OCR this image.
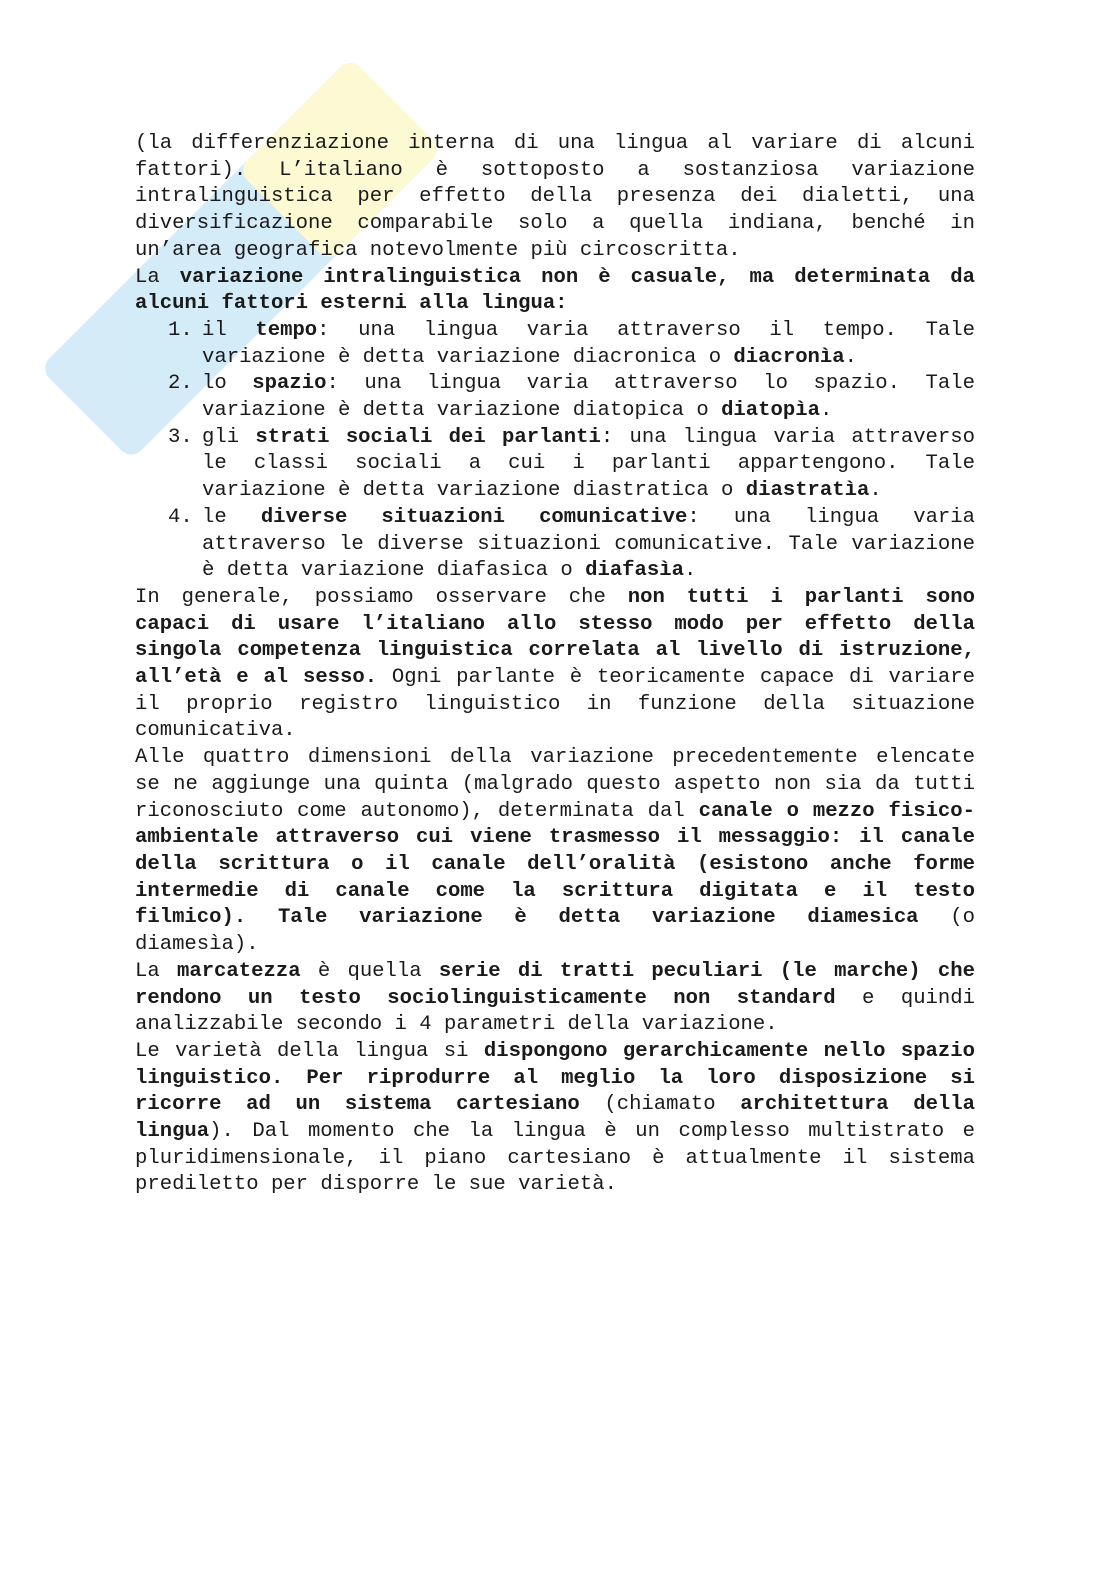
(la differenziazione interna di una lingua al variare di alcuni fattori). L’italiano è sottoposto a sostanziosa variazione intralinguistica per effetto della presenza dei dialetti, una diversificazione comparabile solo a quella indiana, benché in un’area geografica notevolmente più circoscritta.

La variazione intralinguistica non è casuale, ma determinata da alcuni fattori esterni alla lingua:

1. il tempo: una lingua varia attraverso il tempo. Tale variazione è detta variazione diacronica o diacronìa.
2. lo spazio: una lingua varia attraverso lo spazio. Tale variazione è detta variazione diatopica o diatopìa.
3. gli strati sociali dei parlanti: una lingua varia attraverso le classi sociali a cui i parlanti appartengono. Tale variazione è detta variazione diastratica o diastratìa.
4. le diverse situazioni comunicative: una lingua varia attraverso le diverse situazioni comunicative. Tale variazione è detta variazione diafasica o diafasìa.

In generale, possiamo osservare che non tutti i parlanti sono capaci di usare l’italiano allo stesso modo per effetto della singola competenza linguistica correlata al livello di istruzione, all’età e al sesso. Ogni parlante è teoricamente capace di variare il proprio registro linguistico in funzione della situazione comunicativa.

Alle quattro dimensioni della variazione precedentemente elencate se ne aggiunge una quinta (malgrado questo aspetto non sia da tutti riconosciuto come autonomo), determinata dal canale o mezzo fisico-ambientale attraverso cui viene trasmesso il messaggio: il canale della scrittura o il canale dell’oralità (esistono anche forme intermedie di canale come la scrittura digitata e il testo filmico). Tale variazione è detta variazione diamesica (o diamesìa).

La marcatezza è quella serie di tratti peculiari (le marche) che rendono un testo sociolinguisticamente non standard e quindi analizzabile secondo i 4 parametri della variazione.

Le varietà della lingua si dispongono gerarchicamente nello spazio linguistico. Per riprodurre al meglio la loro disposizione si ricorre ad un sistema cartesiano (chiamato architettura della lingua). Dal momento che la lingua è un complesso multistrato e pluridimensionale, il piano cartesiano è attualmente il sistema prediletto per disporre le sue varietà.
